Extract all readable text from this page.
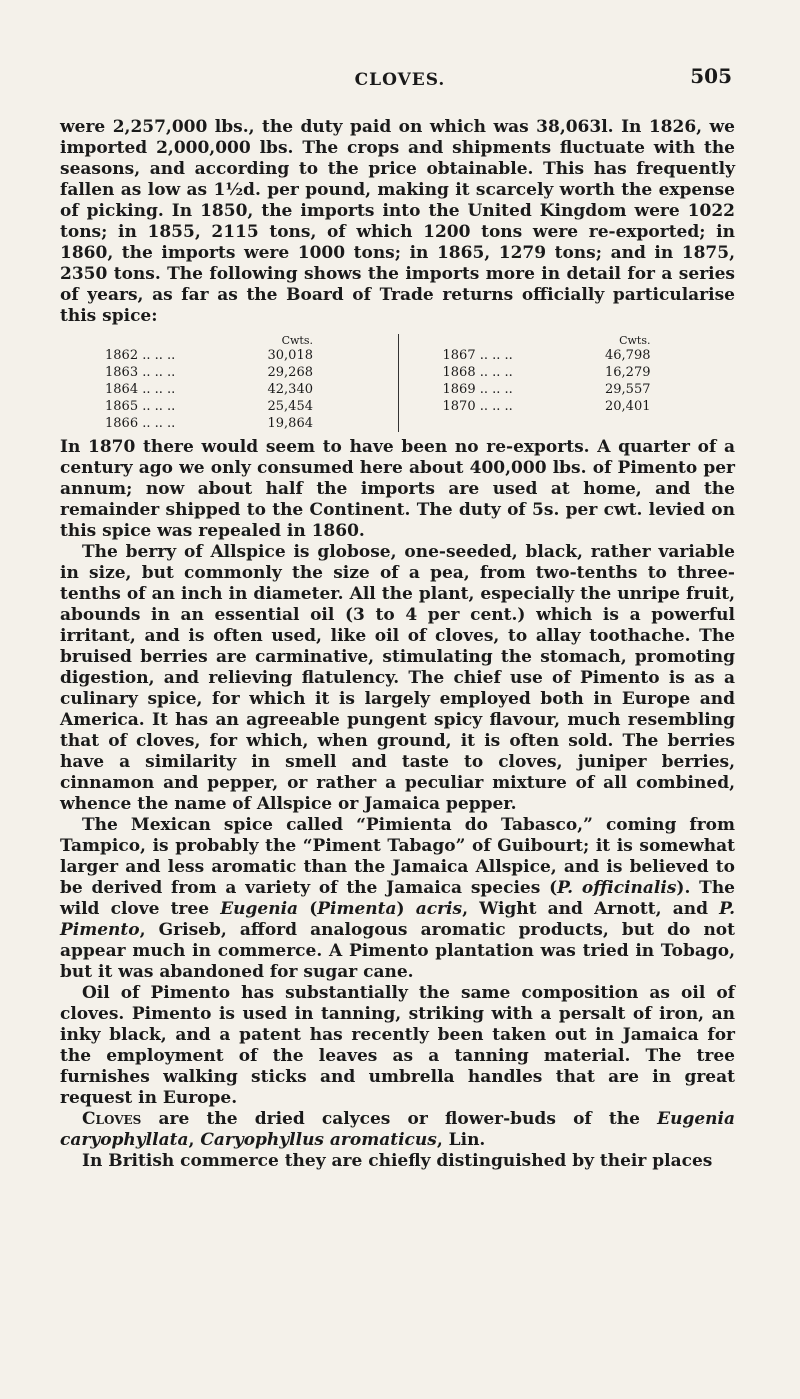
CLOVES.	505

were 2,257,000 lbs., the duty paid on which was 38,063l. In 1826, we imported 2,000,000 lbs. The crops and shipments fluctuate with the seasons, and according to the price obtainable. This has frequently fallen as low as 1½d. per pound, making it scarcely worth the expense of picking. In 1850, the imports into the United Kingdom were 1022 tons; in 1855, 2115 tons, of which 1200 tons were re-exported; in 1860, the imports were 1000 tons; in 1865, 1279 tons; and in 1875, 2350 tons. The following shows the imports more in detail for a series of years, as far as the Board of Trade returns officially particularise this spice:

Cwts.
1862 .. .. ..	30,018
1863 .. .. ..	29,268
1864 .. .. ..	42,340
1865 .. .. ..	25,454
1866 .. .. ..	19,864
Cwts.
1867 .. .. ..	46,798
1868 .. .. ..	16,279
1869 .. .. ..	29,557
1870 .. .. ..	20,401

In 1870 there would seem to have been no re-exports. A quarter of a century ago we only consumed here about 400,000 lbs. of Pimento per annum; now about half the imports are used at home, and the remainder shipped to the Continent. The duty of 5s. per cwt. levied on this spice was repealed in 1860.

The berry of Allspice is globose, one-seeded, black, rather variable in size, but commonly the size of a pea, from two-tenths to three-tenths of an inch in diameter. All the plant, especially the unripe fruit, abounds in an essential oil (3 to 4 per cent.) which is a powerful irritant, and is often used, like oil of cloves, to allay toothache. The bruised berries are carminative, stimulating the stomach, promoting digestion, and relieving flatulency. The chief use of Pimento is as a culinary spice, for which it is largely employed both in Europe and America. It has an agreeable pungent spicy flavour, much resembling that of cloves, for which, when ground, it is often sold. The berries have a similarity in smell and taste to cloves, juniper berries, cinnamon and pepper, or rather a peculiar mixture of all combined, whence the name of Allspice or Jamaica pepper.

The Mexican spice called “Pimienta do Tabasco,” coming from Tampico, is probably the “Piment Tabago” of Guibourt; it is somewhat larger and less aromatic than the Jamaica Allspice, and is believed to be derived from a variety of the Jamaica species (P. officinalis). The wild clove tree Eugenia (Pimenta) acris, Wight and Arnott, and P. Pimento, Griseb, afford analogous aromatic products, but do not appear much in commerce. A Pimento plantation was tried in Tobago, but it was abandoned for sugar cane.

Oil of Pimento has substantially the same composition as oil of cloves. Pimento is used in tanning, striking with a persalt of iron, an inky black, and a patent has recently been taken out in Jamaica for the employment of the leaves as a tanning material. The tree furnishes walking sticks and umbrella handles that are in great request in Europe.

Cloves are the dried calyces or flower-buds of the Eugenia caryophyllata, Caryophyllus aromaticus, Lin.

In British commerce they are chiefly distinguished by their places
